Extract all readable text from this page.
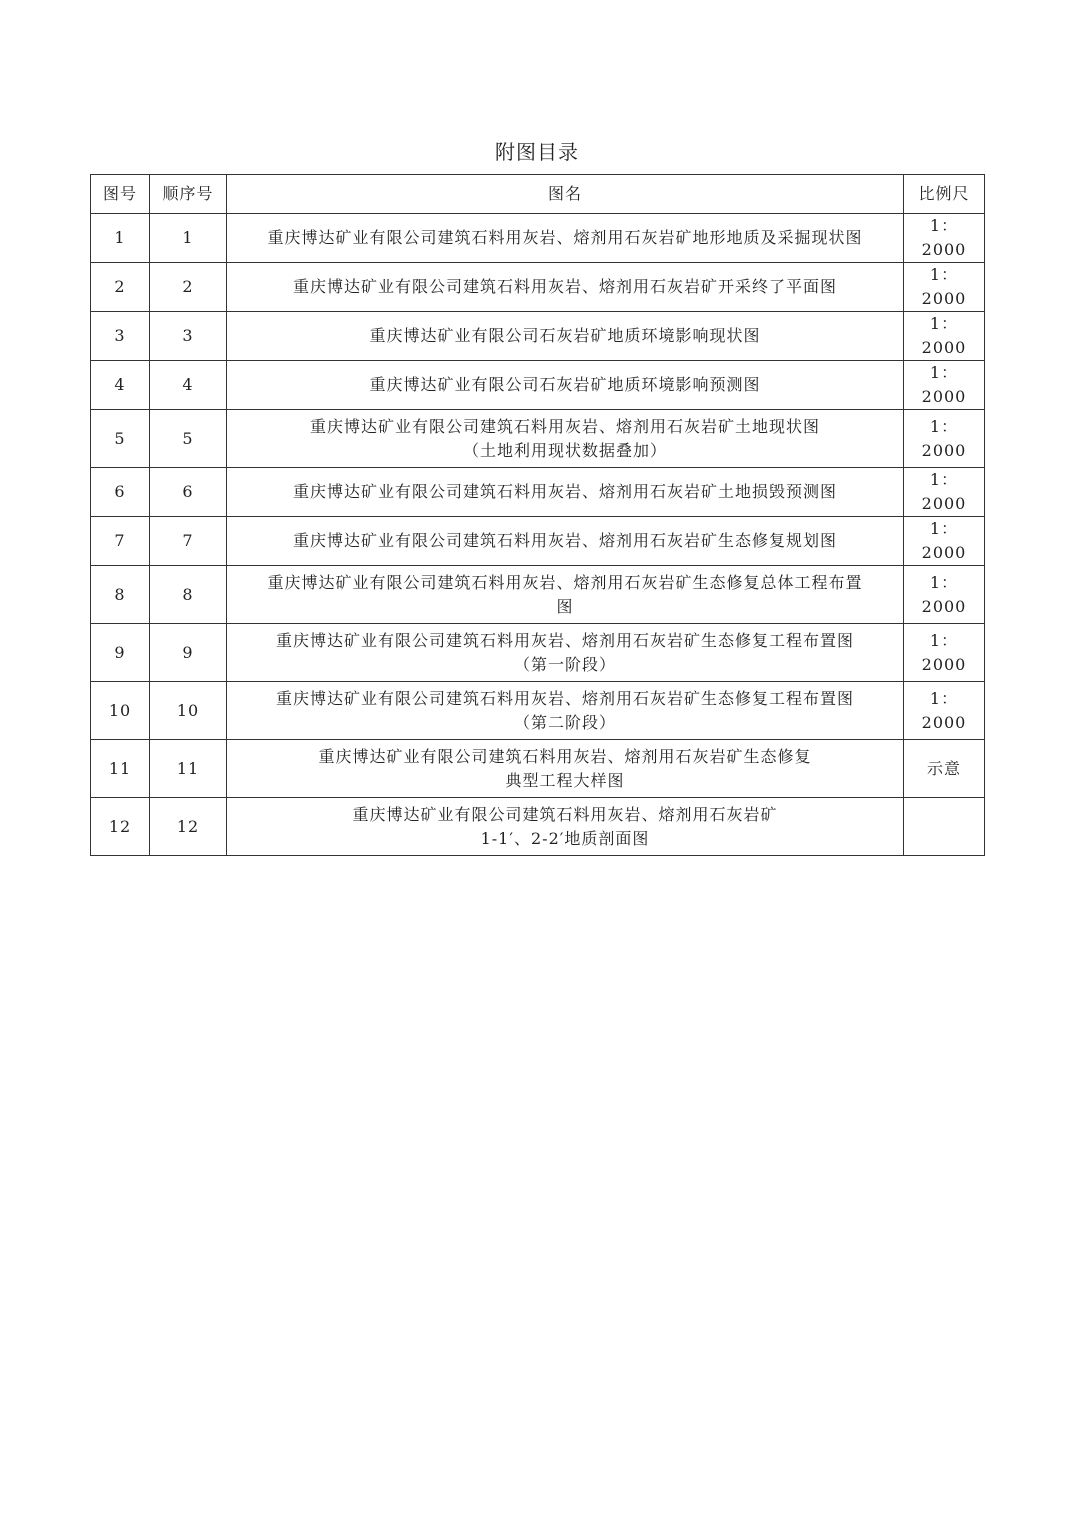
附图目录
图号	顺序号	图名	比例尺
1	1	重庆博达矿业有限公司建筑石料用灰岩、熔剂用石灰岩矿地形地质及采掘现状图	1：2000
2	2	重庆博达矿业有限公司建筑石料用灰岩、熔剂用石灰岩矿开采终了平面图	1：2000
3	3	重庆博达矿业有限公司石灰岩矿地质环境影响现状图	1：2000
4	4	重庆博达矿业有限公司石灰岩矿地质环境影响预测图	1：2000
5	5	重庆博达矿业有限公司建筑石料用灰岩、熔剂用石灰岩矿土地现状图
（土地利用现状数据叠加）	1：2000
6	6	重庆博达矿业有限公司建筑石料用灰岩、熔剂用石灰岩矿土地损毁预测图	1：2000
7	7	重庆博达矿业有限公司建筑石料用灰岩、熔剂用石灰岩矿生态修复规划图	1：2000
8	8	重庆博达矿业有限公司建筑石料用灰岩、熔剂用石灰岩矿生态修复总体工程布置
图	1：2000
9	9	重庆博达矿业有限公司建筑石料用灰岩、熔剂用石灰岩矿生态修复工程布置图
（第一阶段）	1：2000
10	10	重庆博达矿业有限公司建筑石料用灰岩、熔剂用石灰岩矿生态修复工程布置图
（第二阶段）	1：2000
11	11	重庆博达矿业有限公司建筑石料用灰岩、熔剂用石灰岩矿生态修复
典型工程大样图	示意
12	12	重庆博达矿业有限公司建筑石料用灰岩、熔剂用石灰岩矿
1-1′、2-2′地质剖面图	
